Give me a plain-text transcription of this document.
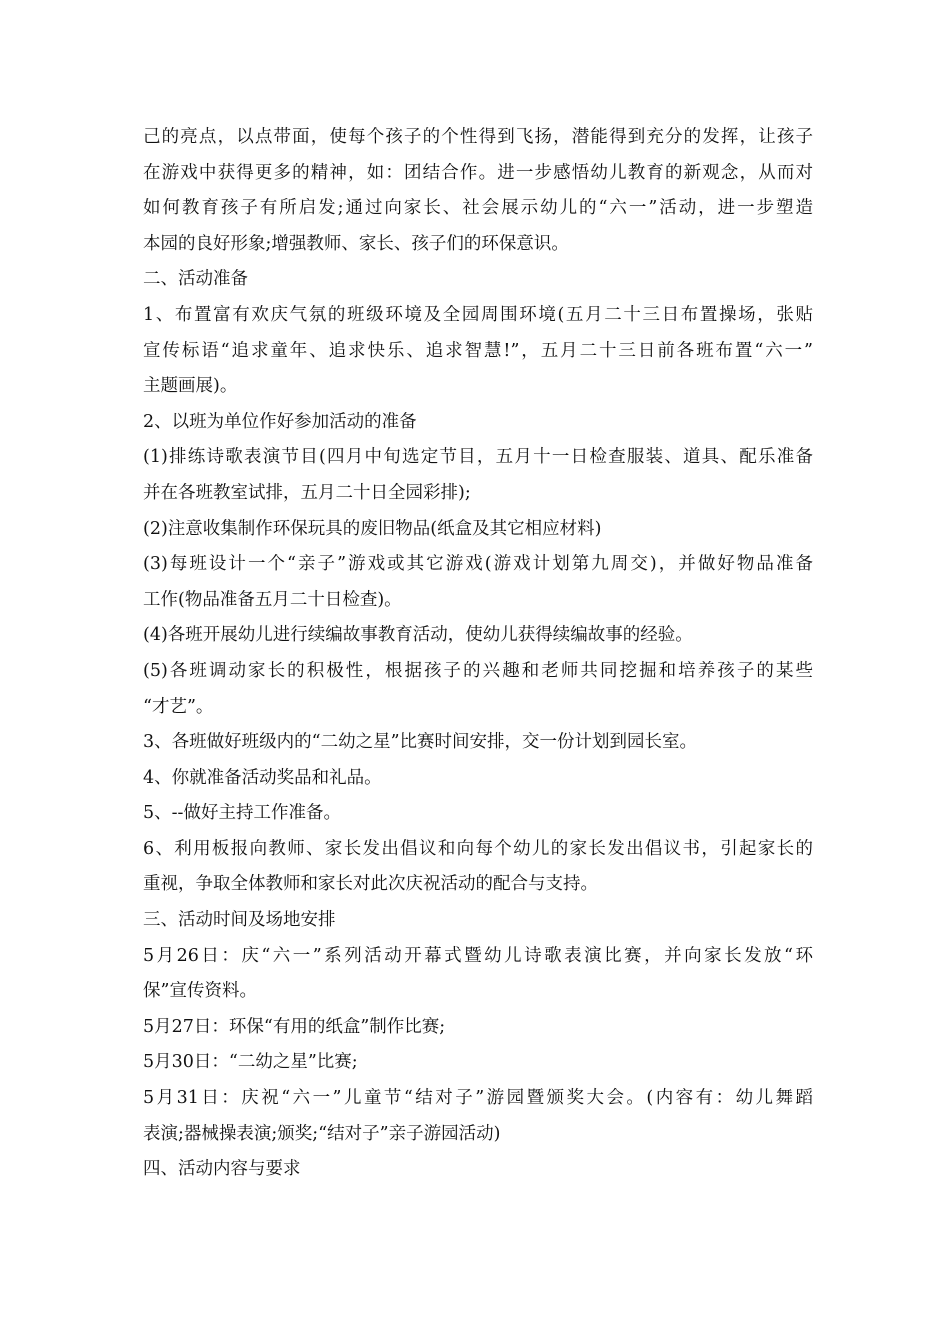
己的亮点，以点带面，使每个孩子的个性得到飞扬，潜能得到充分的发挥，让孩子
在游戏中获得更多的精神，如：团结合作。进一步感悟幼儿教育的新观念，从而对
如何教育孩子有所启发;通过向家长、社会展示幼儿的“六一”活动，进一步塑造
本园的良好形象;增强教师、家长、孩子们的环保意识。
二、活动准备
1、布置富有欢庆气氛的班级环境及全园周围环境(五月二十三日布置操场，张贴
宣传标语“追求童年、追求快乐、追求智慧!”，五月二十三日前各班布置“六一”
主题画展)。
2、以班为单位作好参加活动的准备
(1)排练诗歌表演节目(四月中旬选定节目，五月十一日检查服装、道具、配乐准备
并在各班教室试排，五月二十日全园彩排);
(2)注意收集制作环保玩具的废旧物品(纸盒及其它相应材料)
(3)每班设计一个“亲子”游戏或其它游戏(游戏计划第九周交)，并做好物品准备
工作(物品准备五月二十日检查)。
(4)各班开展幼儿进行续编故事教育活动，使幼儿获得续编故事的经验。
(5)各班调动家长的积极性，根据孩子的兴趣和老师共同挖掘和培养孩子的某些
“才艺”。
3、各班做好班级内的“二幼之星”比赛时间安排，交一份计划到园长室。
4、你就准备活动奖品和礼品。
5、--做好主持工作准备。
6、利用板报向教师、家长发出倡议和向每个幼儿的家长发出倡议书，引起家长的
重视，争取全体教师和家长对此次庆祝活动的配合与支持。
三、活动时间及场地安排
5月26日：庆“六一”系列活动开幕式暨幼儿诗歌表演比赛，并向家长发放“环
保”宣传资料。
5月27日：环保“有用的纸盒”制作比赛;
5月30日：“二幼之星”比赛;
5月31日：庆祝“六一”儿童节“结对子”游园暨颁奖大会。(内容有：幼儿舞蹈
表演;器械操表演;颁奖;“结对子”亲子游园活动)
四、活动内容与要求
